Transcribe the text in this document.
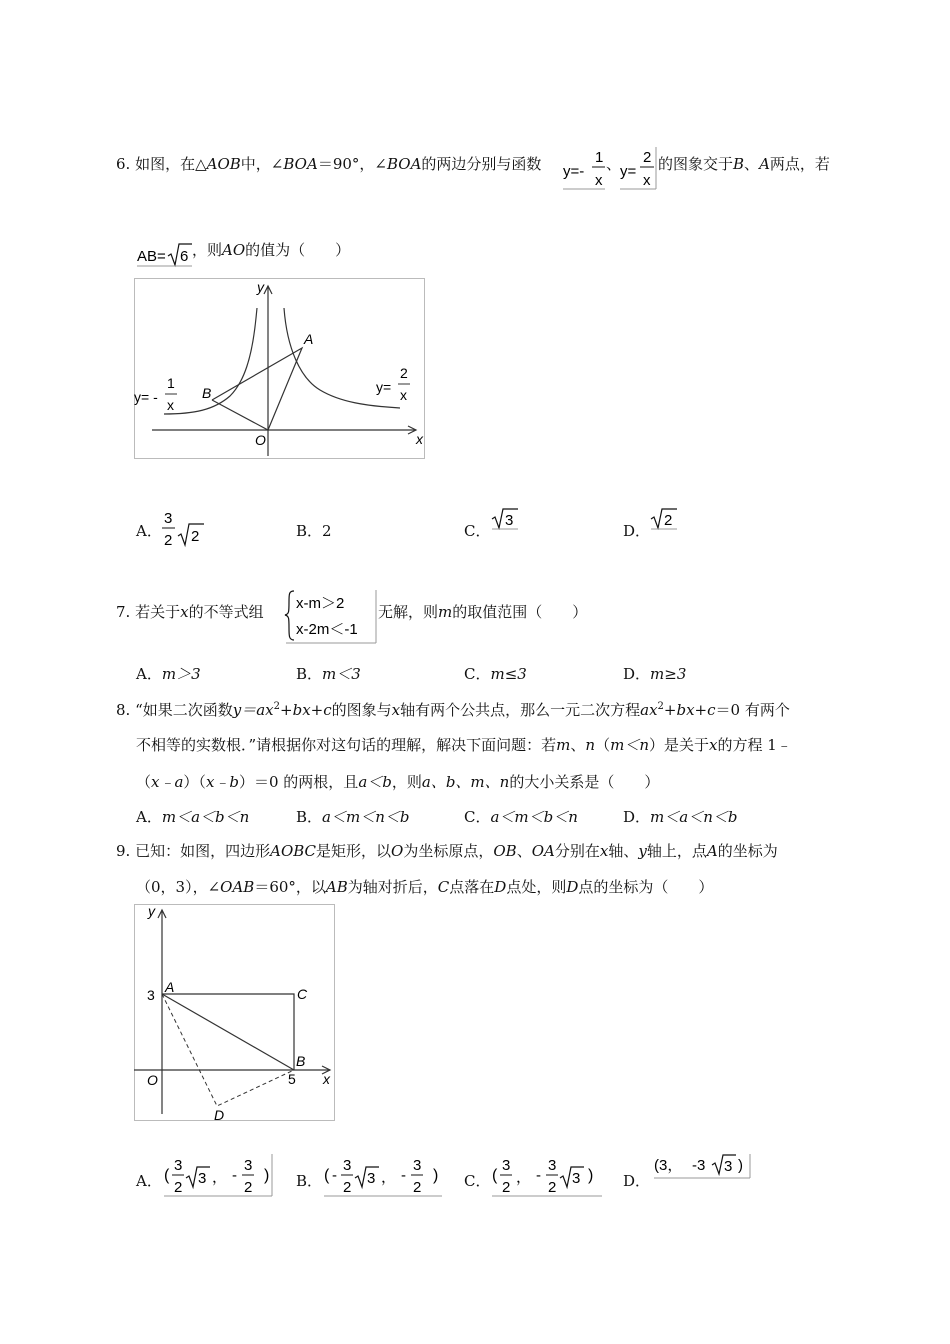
6. 如图，在△AOB中，∠BOA＝90°，∠BOA的两边分别与函数 y=-
1
x
、
y=
2
x
的图象交于B、A两点，若
AB= 6 ，则AO的值为（　　）
y
x
O
B
A
y= -
1
x
y=
2
x
A．
3
2 2	B．2	C．
3
D．
2
7. 若关于x的不等式组 x-m＞2
x-2m＜-1
无解，则m的取值范围（　　）
A．m＞3	B．m＜3	C．m≤3	D．m≥3
8. “如果二次函数$y=ax^2+bx+c$的图象与x轴有两个公共点，那么一元二次方程$ax^2+bx+c=0$ 有两个
不相等的实数根．”请根据你对这句话的理解，解决下面问题：若m、n（m＜n）是关于x的方程 1﹣
（x﹣a）（x﹣b）＝0 的两根，且a＜b，则a、b、m、n的大小关系是（　　）
A．m＜a＜b＜n	B．a＜m＜n＜b	C．a＜m＜b＜n	D．m＜a＜n＜b
9. 已知：如图，四边形AOBC是矩形，以O为坐标原点，OB、OA分别在x轴、y轴上，点A的坐标为
（0，3），∠OAB＝60°，以AB为轴对折后，C点落在D点处，则D点的坐标为（　　）
y
x
O
3
5
A	C
B
D
A． (
3
2
3 ， -
3
2
) B． ( -
3
2
3 ， -
3
2
) C． (
3
2
， -
3
2
3 ) D．
(3， -3 3 )
